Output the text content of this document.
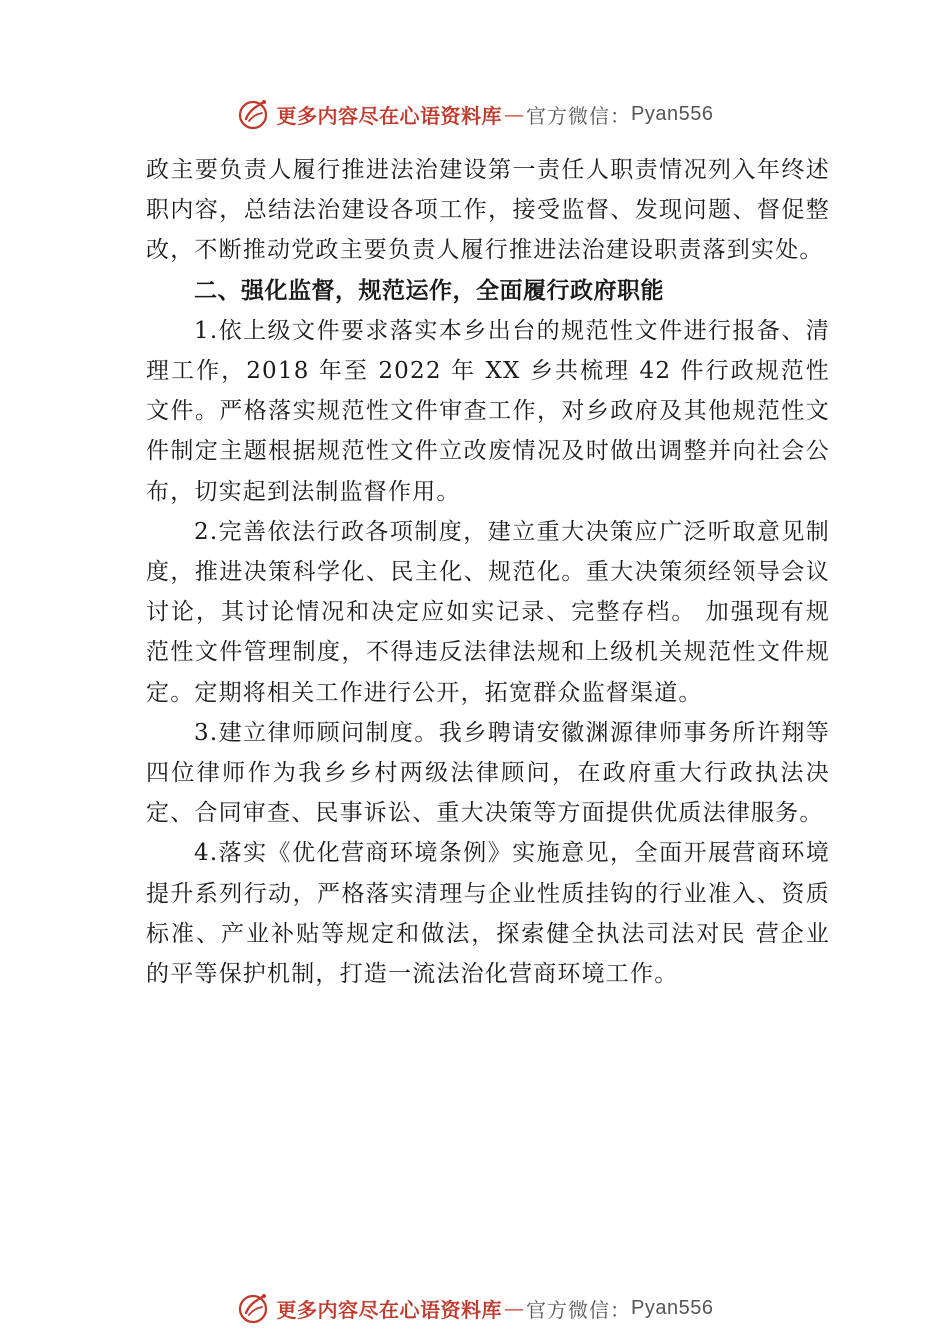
更多内容尽在心语资料库 — 官方微信： Pyan556

政主要负责人履行推进法治建设第一责任人职责情况列入年终述职内容，总结法治建设各项工作，接受监督、发现问题、督促整改，不断推动党政主要负责人履行推进法治建设职责落到实处。

二、强化监督，规范运作，全面履行政府职能

1.依上级文件要求落实本乡出台的规范性文件进行报备、清理工作，2018 年至 2022 年 XX 乡共梳理 42 件行政规范性文件。严格落实规范性文件审查工作，对乡政府及其他规范性文件制定主题根据规范性文件立改废情况及时做出调整并向社会公布，切实起到法制监督作用。

2.完善依法行政各项制度，建立重大决策应广泛听取意见制度，推进决策科学化、民主化、规范化。重大决策须经领导会议讨论，其讨论情况和决定应如实记录、完整存档。 加强现有规范性文件管理制度，不得违反法律法规和上级机关规范性文件规定。定期将相关工作进行公开，拓宽群众监督渠道。

3.建立律师顾问制度。我乡聘请安徽渊源律师事务所许翔等四位律师作为我乡乡村两级法律顾问，在政府重大行政执法决定、合同审查、民事诉讼、重大决策等方面提供优质法律服务。

4.落实《优化营商环境条例》实施意见，全面开展营商环境提升系列行动，严格落实清理与企业性质挂钩的行业准入、资质标准、产业补贴等规定和做法，探索健全执法司法对民 营企业的平等保护机制，打造一流法治化营商环境工作。

更多内容尽在心语资料库 — 官方微信： Pyan556
